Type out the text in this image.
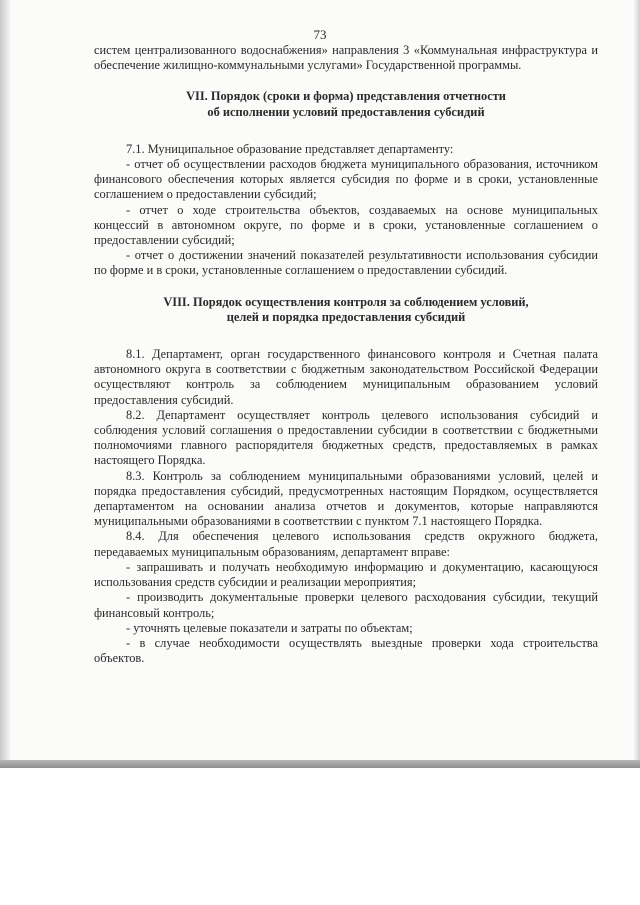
73

систем централизованного водоснабжения» направления 3 «Коммунальная инфраструктура и обеспечение жилищно-коммунальными услугами» Государственной программы.

VII. Порядок (сроки и форма) представления отчетности
об исполнении условий предоставления субсидий

7.1. Муниципальное образование представляет департаменту:

- отчет об осуществлении расходов бюджета муниципального образования, источником финансового обеспечения которых является субсидия по форме и в сроки, установленные соглашением о предоставлении субсидий;

- отчет о ходе строительства объектов, создаваемых на основе муниципальных концессий в автономном округе, по форме и в сроки, установленные соглашением о предоставлении субсидий;

- отчет о достижении значений показателей результативности использования субсидии по форме и в сроки, установленные соглашением о предоставлении субсидий.

VIII. Порядок осуществления контроля за соблюдением условий,
целей и порядка предоставления субсидий

8.1. Департамент, орган государственного финансового контроля и Счетная палата автономного округа в соответствии с бюджетным законодательством Российской Федерации осуществляют контроль за соблюдением муниципальным образованием условий предоставления субсидий.

8.2. Департамент осуществляет контроль целевого использования субсидий и соблюдения условий соглашения о предоставлении субсидии в соответствии с бюджетными полномочиями главного распорядителя бюджетных средств, предоставляемых в рамках настоящего Порядка.

8.3. Контроль за соблюдением муниципальными образованиями условий, целей и порядка предоставления субсидий, предусмотренных настоящим Порядком, осуществляется департаментом на основании анализа отчетов и документов, которые направляются муниципальными образованиями в соответствии с пунктом 7.1 настоящего Порядка.

8.4. Для обеспечения целевого использования средств окружного бюджета, передаваемых муниципальным образованиям, департамент вправе:

- запрашивать и получать необходимую информацию и документацию, касающуюся использования средств субсидии и реализации мероприятия;

- производить документальные проверки целевого расходования субсидии, текущий финансовый контроль;

- уточнять целевые показатели и затраты по объектам;

- в случае необходимости осуществлять выездные проверки хода строительства объектов.
